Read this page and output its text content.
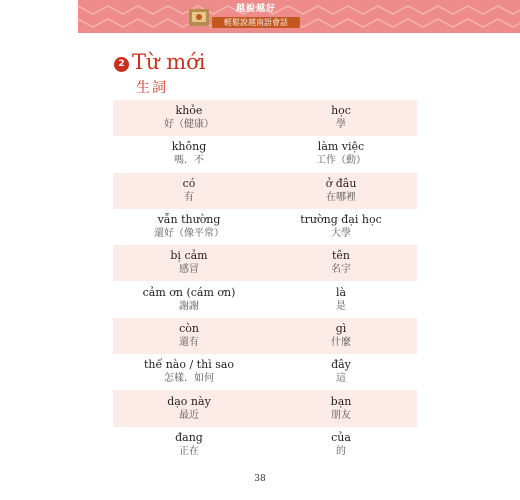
越說越好
輕鬆說越南語會話
2 Từ mới
生詞
khỏe
好（健康）
học
學
không
嗎．不
làm việc
工作（動）
có
有
ở đâu
在哪裡
vẫn thường
還好（像平常）
trường đại học
大學
bị cảm
感冒
tên
名字
cảm ơn (cám ơn)
謝謝
là
是
còn
還有
gì
什麼
thế nào / thì sao
怎樣．如何
đây
這
dạo này
最近
bạn
朋友
đang
正在
của
的
38
